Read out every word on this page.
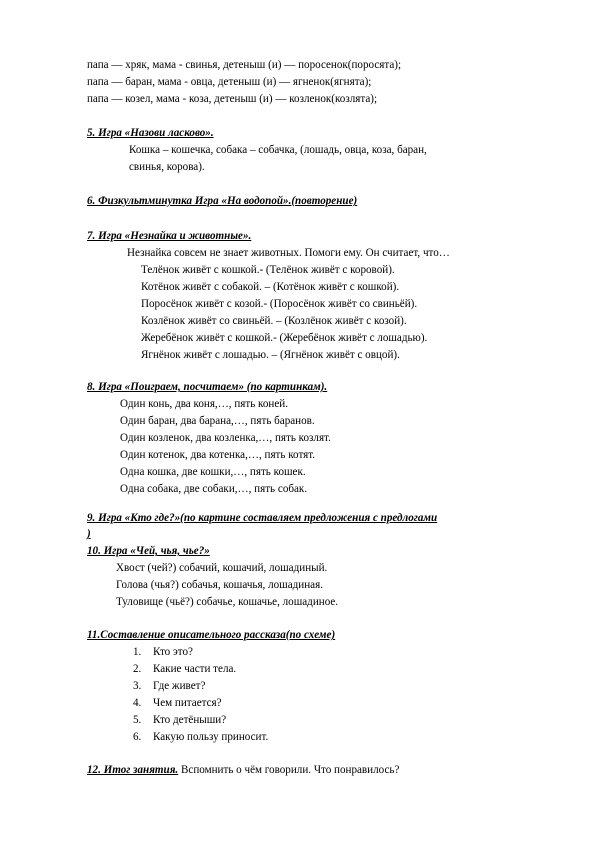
папа — хряк, мама - свинья, детеныш (и) — поросенок(поросята);
папа — баран, мама - овца, детеныш (и) — ягненок(ягнята);
папа — козел, мама - коза, детеныш (и) — козленок(козлята);
5. Игра «Назови ласково».
Кошка – кошечка, собака – собачка, (лошадь, овца, коза, баран,
свинья, корова).
6. Физкультминутка Игра «На водопой».(повторение)
7. Игра «Незнайка и животные».
Незнайка совсем не знает животных. Помоги ему. Он считает, что…
Телёнок живёт с кошкой.- (Телёнок живёт с коровой).
Котёнок живёт с собакой. – (Котёнок живёт с кошкой).
Поросёнок живёт с козой.- (Поросёнок живёт со свиньёй).
Козлёнок живёт со свиньёй. – (Козлёнок живёт с козой).
Жеребёнок живёт с кошкой.- (Жеребёнок живёт с лошадью).
Ягнёнок живёт с лошадью. – (Ягнёнок живёт с овцой).
8. Игра «Поиграем, посчитаем» (по картинкам).
Один конь, два коня,…, пять коней.
Один баран, два барана,…, пять баранов.
Один козленок, два козленка,…, пять козлят.
Один котенок, два котенка,…, пять котят.
Одна кошка, две кошки,…, пять кошек.
Одна собака, две собаки,…, пять собак.
9. Игра «Кто где?»(по картине составляем предложения с предлогами
)
10. Игра «Чей, чья, чье?»
Хвост (чей?) собачий, кошачий, лошадиный.
Голова (чья?) собачья, кошачья, лошадиная.
Туловище (чьё?) собачье, кошачье, лошадиное.
11.Составление описательного рассказа(по схеме)
1. Кто это?
2. Какие части тела.
3. Где живет?
4. Чем питается?
5. Кто детёныши?
6. Какую пользу приносит.
12. Итог занятия. Вспомнить о чём говорили. Что понравилось?
